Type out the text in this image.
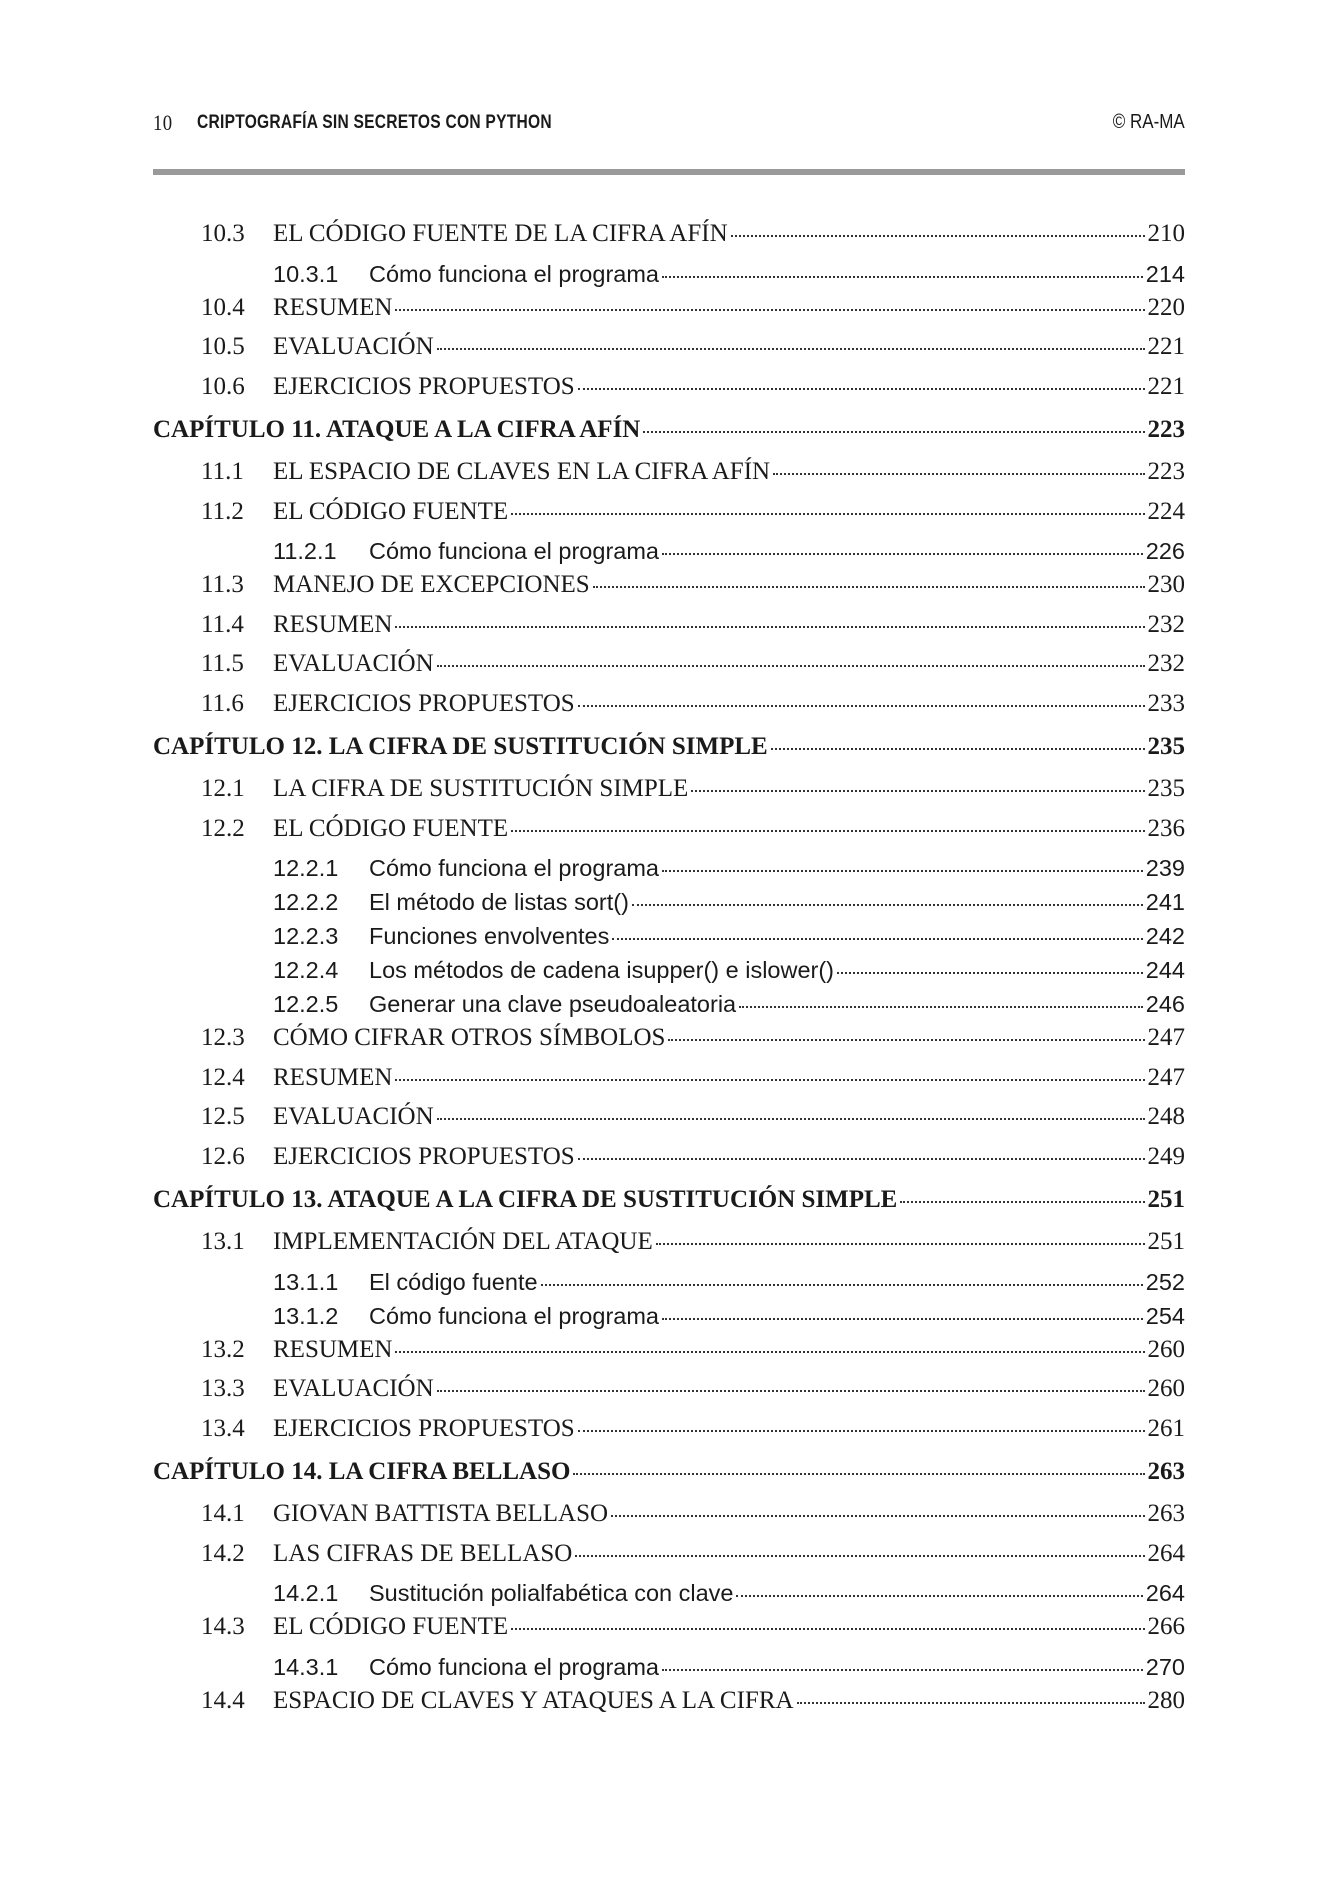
10 CRIPTOGRAFÍA SIN SECRETOS CON PYTHON	© RA-MA
10.3	EL CÓDIGO FUENTE DE LA CIFRA AFÍN	210
10.3.1	Cómo funciona el programa	214
10.4	RESUMEN	220
10.5	EVALUACIÓN	221
10.6	EJERCICIOS PROPUESTOS	221
CAPÍTULO 11. ATAQUE A LA CIFRA AFÍN	223
11.1	EL ESPACIO DE CLAVES EN LA CIFRA AFÍN	223
11.2	EL CÓDIGO FUENTE	224
11.2.1	Cómo funciona el programa	226
11.3	MANEJO DE EXCEPCIONES	230
11.4	RESUMEN	232
11.5	EVALUACIÓN	232
11.6	EJERCICIOS PROPUESTOS	233
CAPÍTULO 12. LA CIFRA DE SUSTITUCIÓN SIMPLE	235
12.1	LA CIFRA DE SUSTITUCIÓN SIMPLE	235
12.2	EL CÓDIGO FUENTE	236
12.2.1	Cómo funciona el programa	239
12.2.2	El método de listas sort()	241
12.2.3	Funciones envolventes	242
12.2.4	Los métodos de cadena isupper() e islower()	244
12.2.5	Generar una clave pseudoaleatoria	246
12.3	CÓMO CIFRAR OTROS SÍMBOLOS	247
12.4	RESUMEN	247
12.5	EVALUACIÓN	248
12.6	EJERCICIOS PROPUESTOS	249
CAPÍTULO 13. ATAQUE A LA CIFRA DE SUSTITUCIÓN SIMPLE	251
13.1	IMPLEMENTACIÓN DEL ATAQUE	251
13.1.1	El código fuente	252
13.1.2	Cómo funciona el programa	254
13.2	RESUMEN	260
13.3	EVALUACIÓN	260
13.4	EJERCICIOS PROPUESTOS	261
CAPÍTULO 14. LA CIFRA BELLASO	263
14.1	GIOVAN BATTISTA BELLASO	263
14.2	LAS CIFRAS DE BELLASO	264
14.2.1	Sustitución polialfabética con clave	264
14.3	EL CÓDIGO FUENTE	266
14.3.1	Cómo funciona el programa	270
14.4	ESPACIO DE CLAVES Y ATAQUES A LA CIFRA	280
